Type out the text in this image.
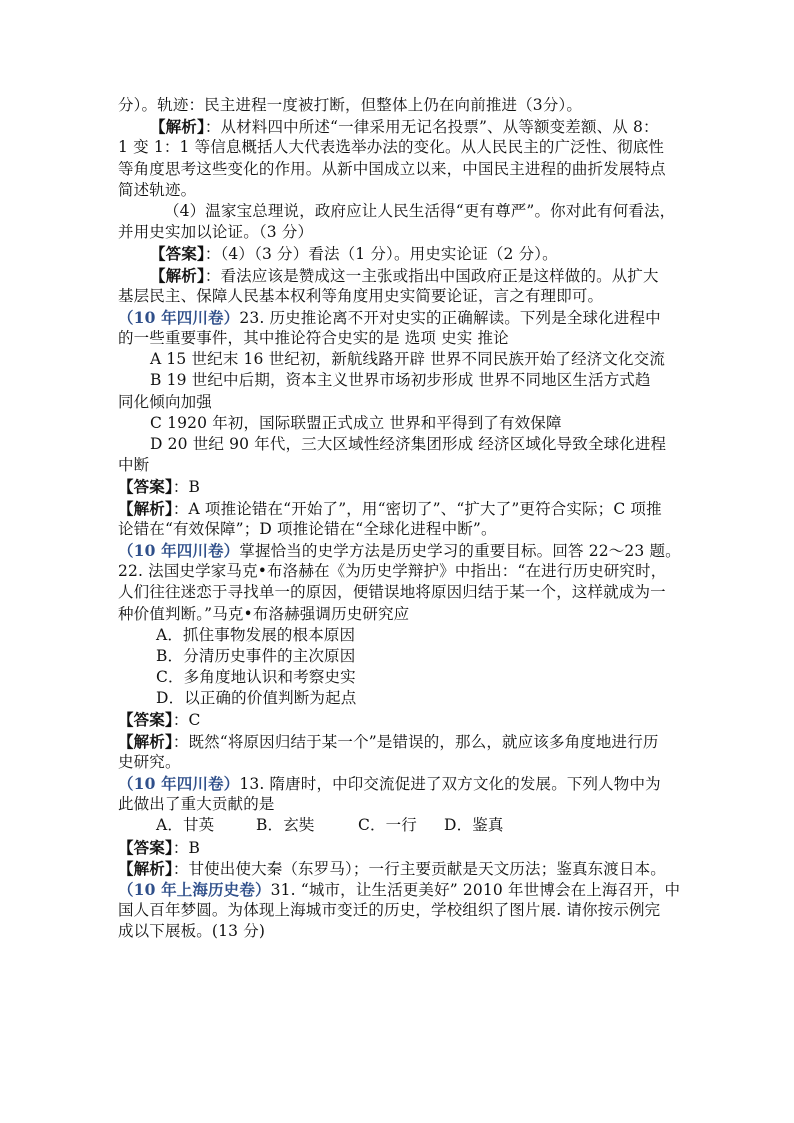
分）。轨迹：民主进程一度被打断，但整体上仍在向前推进（3分）。
【解析】：从材料四中所述“一律采用无记名投票”、从等额变差额、从 8：
1 变 1：1 等信息概括人大代表选举办法的变化。从人民民主的广泛性、彻底性
等角度思考这些变化的作用。从新中国成立以来，中国民主进程的曲折发展特点
简述轨迹。
（4）温家宝总理说，政府应让人民生活得“更有尊严”。你对此有何看法，
并用史实加以论证。（3 分）
【答案】：（4）（3 分）看法（1 分）。用史实论证（2 分）。
【解析】：看法应该是赞成这一主张或指出中国政府正是这样做的。从扩大
基层民主、保障人民基本权利等角度用史实简要论证，言之有理即可。
（10 年四川卷）23. 历史推论离不开对史实的正确解读。下列是全球化进程中
的一些重要事件，其中推论符合史实的是 选项 史实 推论
A 15 世纪末 16 世纪初，新航线路开辟 世界不同民族开始了经济文化交流
B 19 世纪中后期，资本主义世界市场初步形成 世界不同地区生活方式趋
同化倾向加强
C 1920 年初，国际联盟正式成立 世界和平得到了有效保障
D 20 世纪 90 年代，三大区域性经济集团形成 经济区域化导致全球化进程
中断
【答案】：B
【解析】：A 项推论错在“开始了”，用“密切了”、“扩大了”更符合实际；C 项推
论错在“有效保障”；D 项推论错在“全球化进程中断”。
（10 年四川卷）掌握恰当的史学方法是历史学习的重要目标。回答 22～23 题。
22. 法国史学家马克•布洛赫在《为历史学辩护》中指出：“在进行历史研究时，
人们往往迷恋于寻找单一的原因，便错误地将原因归结于某一个，这样就成为一
种价值判断。”马克•布洛赫强调历史研究应
A．抓住事物发展的根本原因
B．分清历史事件的主次原因
C．多角度地认识和考察史实
D．以正确的价值判断为起点
【答案】：C
【解析】：既然“将原因归结于某一个”是错误的，那么，就应该多角度地进行历
史研究。
（10 年四川卷）13. 隋唐时，中印交流促进了双方文化的发展。下列人物中为
此做出了重大贡献的是
A．甘英	B．玄奘	C．一行 D．鉴真
【答案】：B
【解析】：甘使出使大秦（东罗马）；一行主要贡献是天文历法；鉴真东渡日本。
（10 年上海历史卷）31. “城市，让生活更美好” 2010 年世博会在上海召开，中
国人百年梦圆。为体现上海城市变迁的历史，学校组织了图片展. 请你按示例完
成以下展板。(13 分)
